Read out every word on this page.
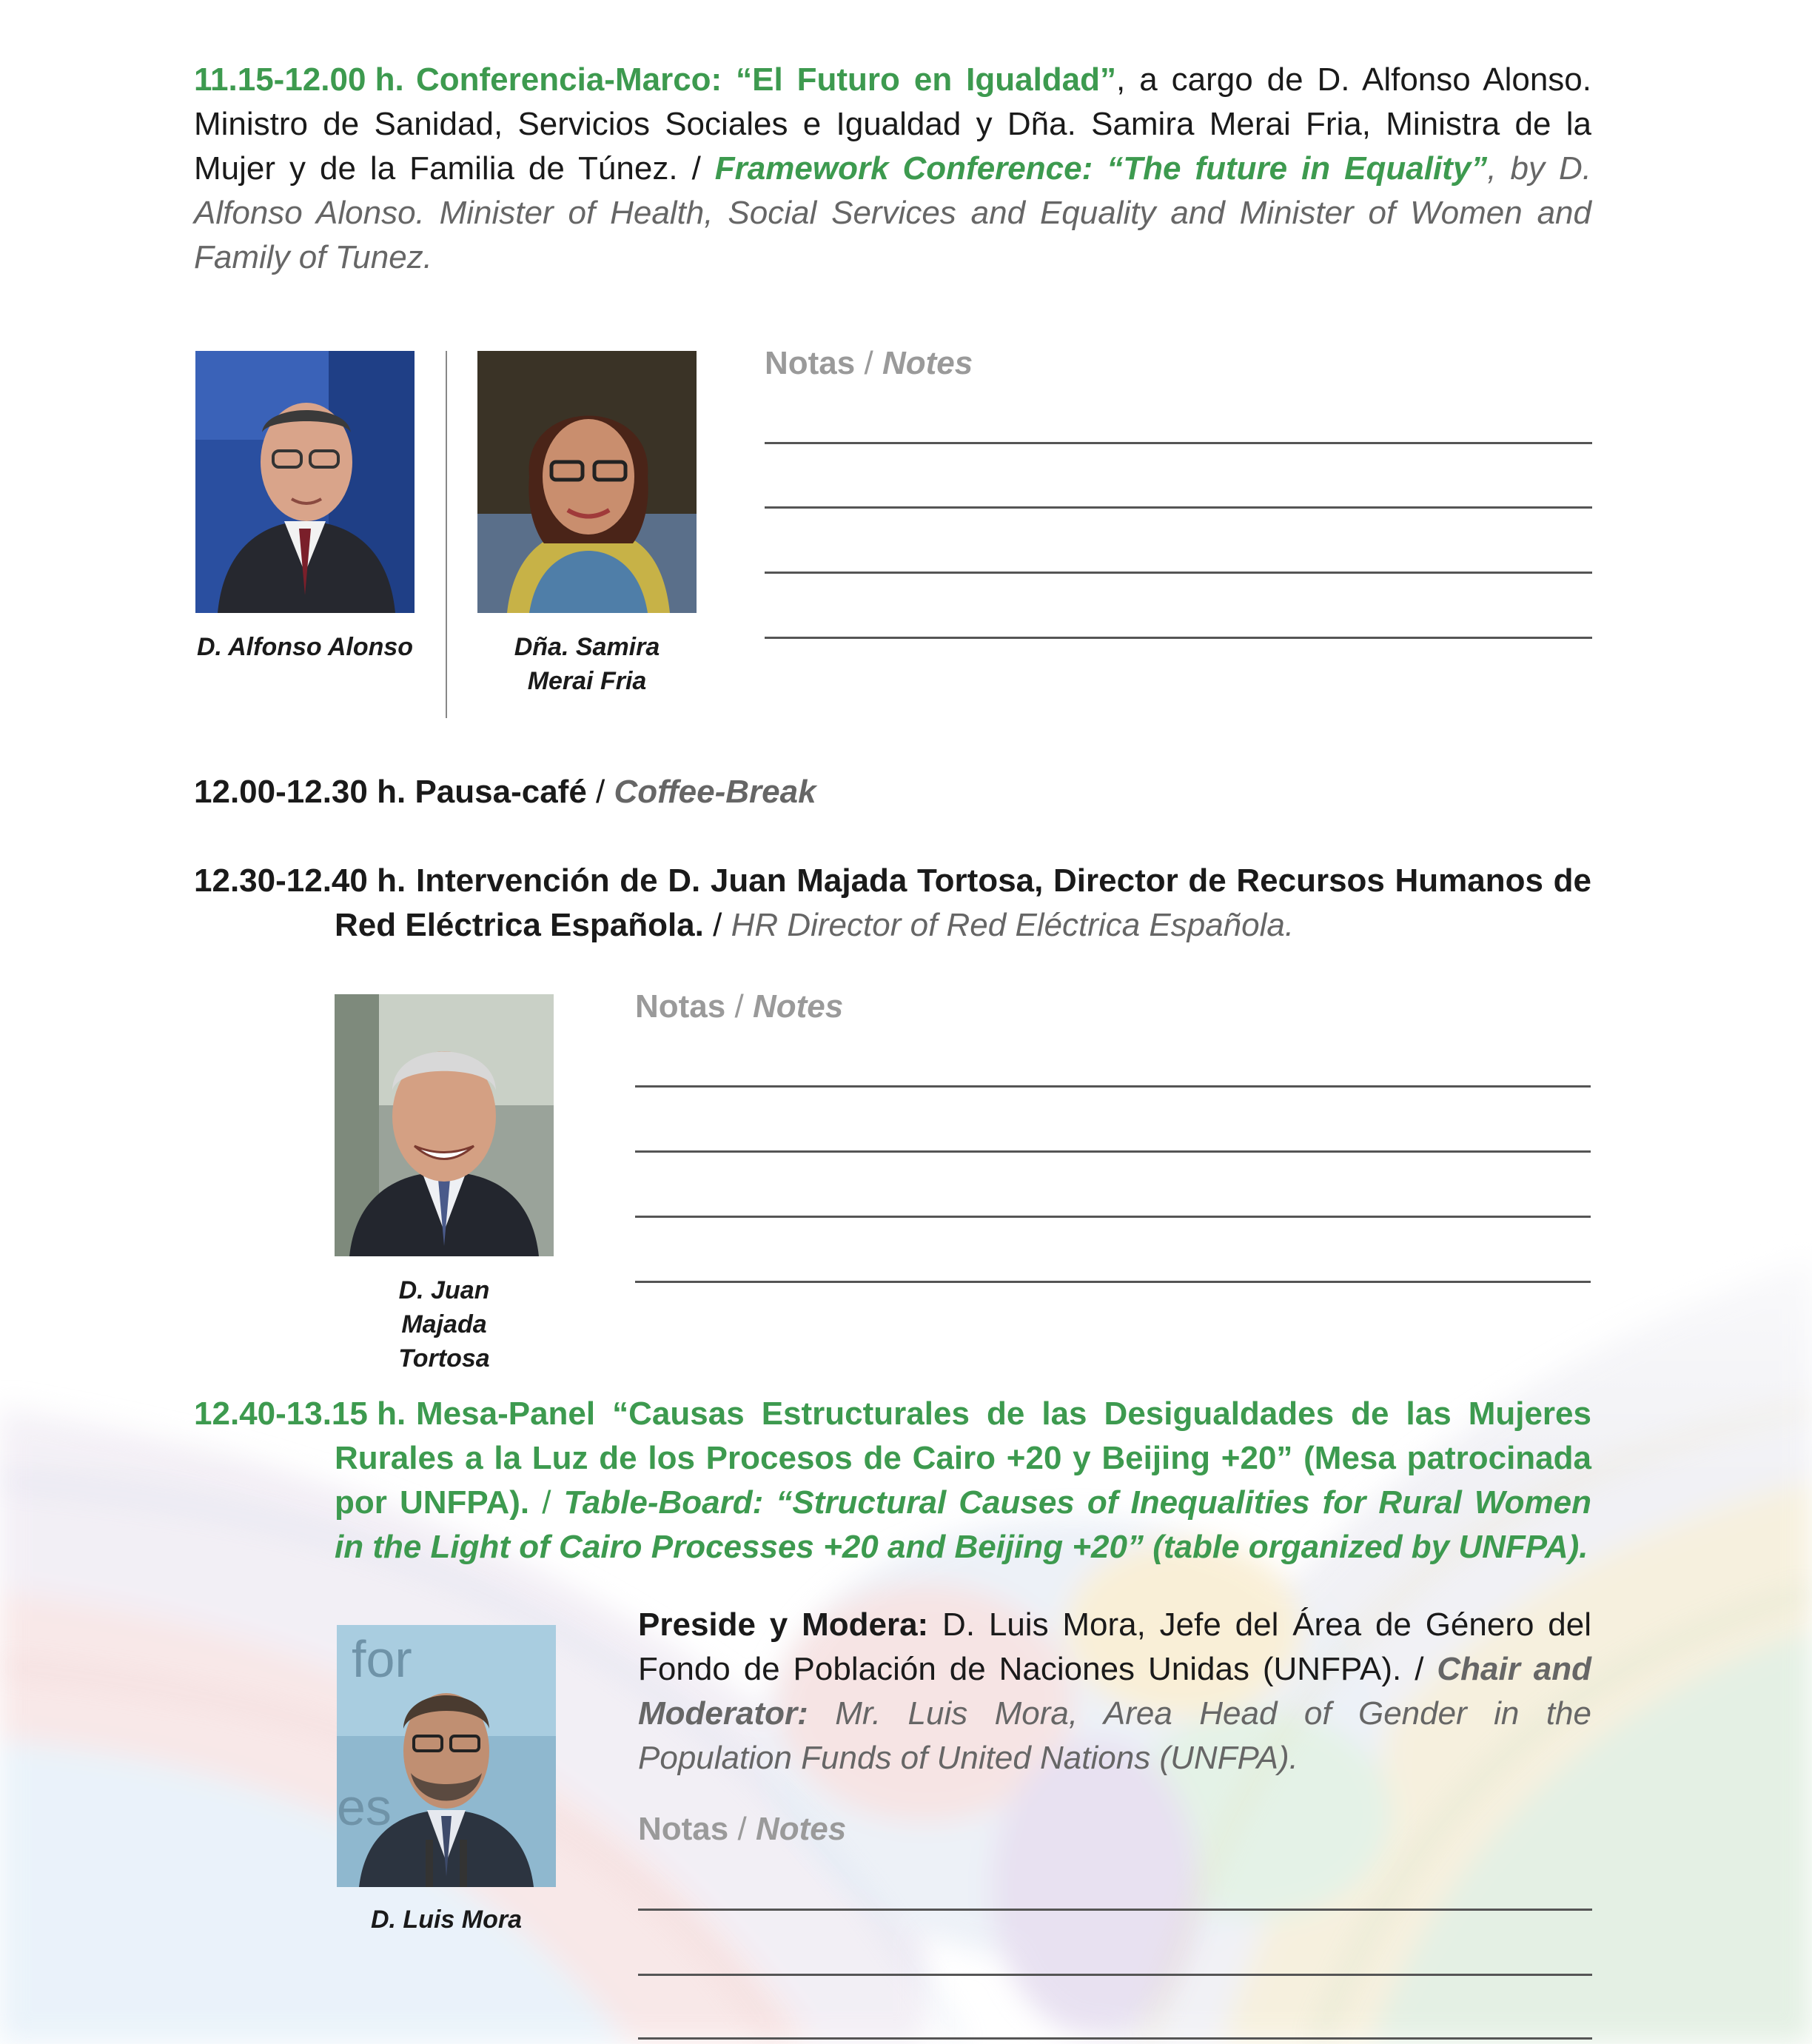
11.15-12.00 h. Conferencia-Marco: “El Futuro en Igualdad”, a cargo de D. Alfonso Alonso. Ministro de Sanidad, Servicios Sociales e Igualdad y Dña. Samira Merai Fria, Ministra de la Mujer y de la Familia de Túnez. / Framework Conference: “The future in Equality”, by D. Alfonso Alonso. Minister of Health, Social Services and Equality and Minister of Women and Family of Tunez.
D. Alfonso Alonso	Dña. Samira Merai Fria
Notas / Notes
12.00-12.30 h. Pausa-café / Coffee-Break
12.30-12.40 h. Intervención de D. Juan Majada Tortosa, Director de Recursos Humanos de Red Eléctrica Española. / HR Director of Red Eléctrica Española.
D. Juan Majada Tortosa
Notas / Notes
12.40-13.15 h. Mesa-Panel “Causas Estructurales de las Desigualdades de las Mujeres Rurales a la Luz de los Procesos de Cairo +20 y Beijing +20” (Mesa patrocinada por UNFPA). / Table-Board: “Structural Causes of Inequalities for Rural Women in the Light of Cairo Processes +20 and Beijing +20” (table organized by UNFPA).
for
es
D. Luis Mora
Preside y Modera: D. Luis Mora, Jefe del Área de Género del Fondo de Población de Naciones Unidas (UNFPA). / Chair and Moderator: Mr. Luis Mora, Area Head of Gender in the Population Funds of United Nations (UNFPA).
Notas / Notes
